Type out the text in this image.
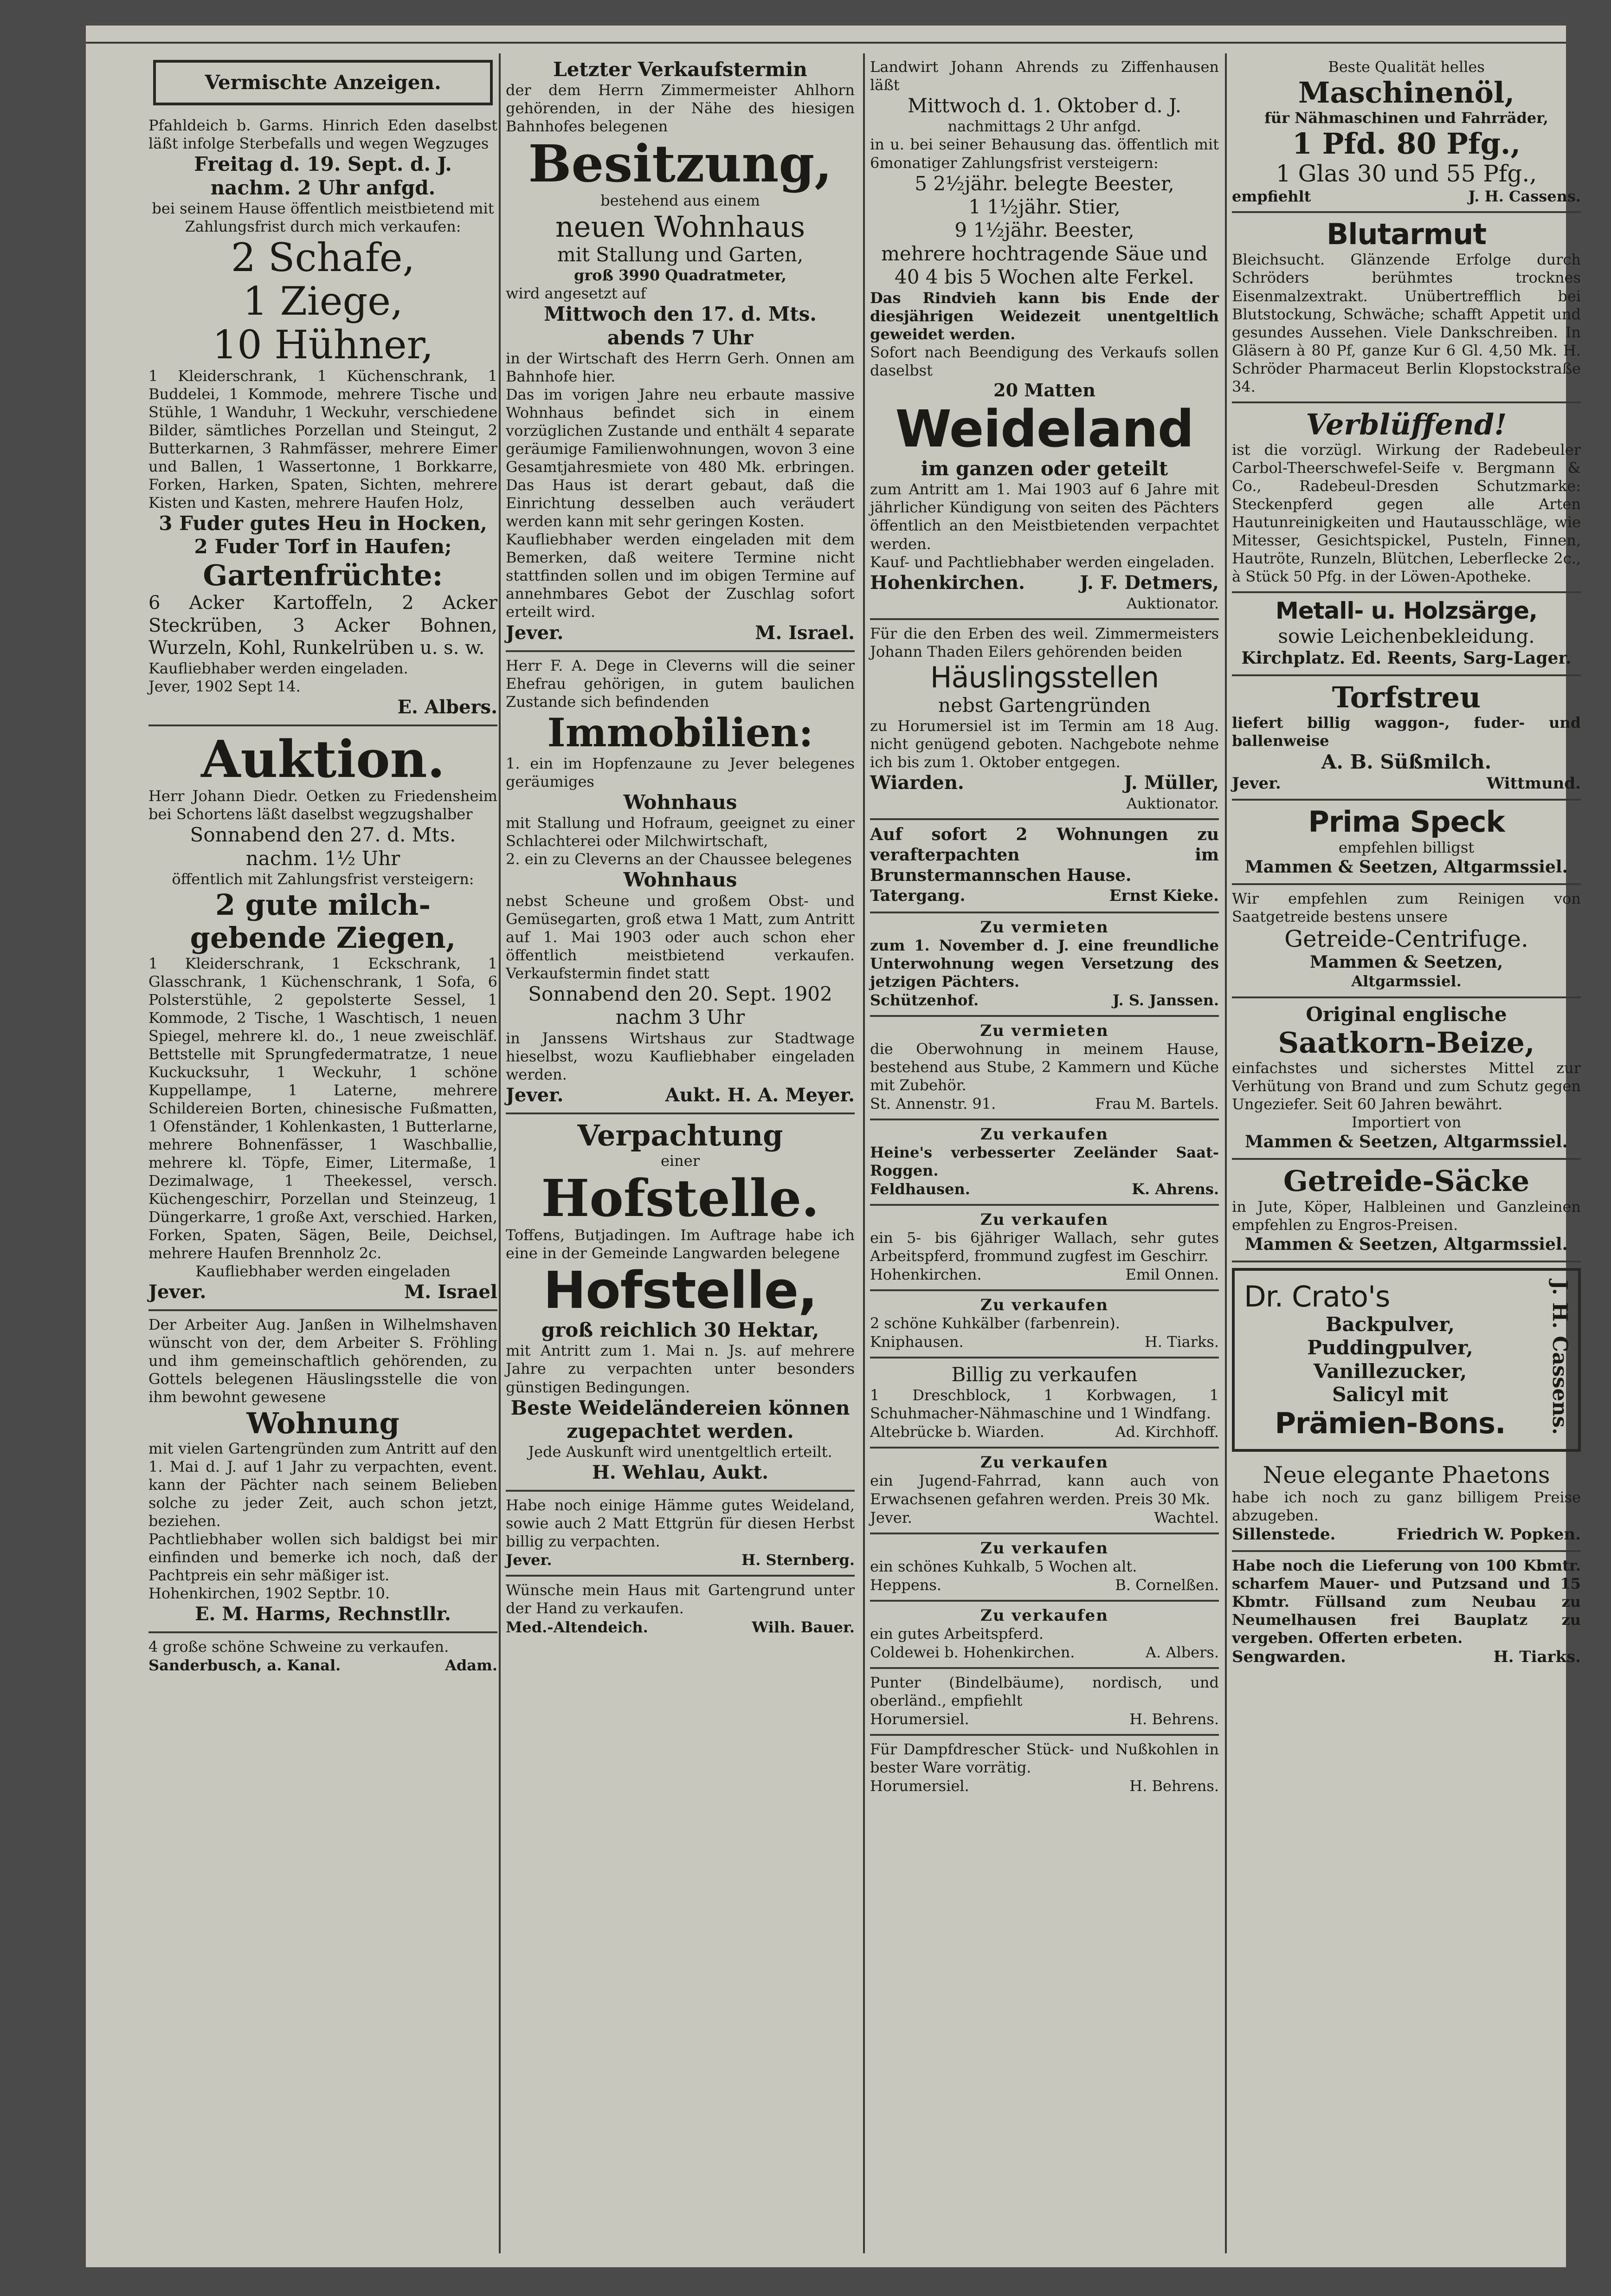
Vermischte Anzeigen.

Pfahldeich b. Garms. Hinrich Eden daselbst läßt infolge Sterbefalls und wegen Wegzuges

Freitag d. 19. Sept. d. J.
nachm. 2 Uhr anfgd.

bei seinem Hause öffentlich meistbietend mit Zahlungsfrist durch mich verkaufen:

2 Schafe,
1 Ziege,
10 Hühner,

1 Kleiderschrank, 1 Küchenschrank, 1 Buddelei, 1 Kommode, mehrere Tische und Stühle, 1 Wanduhr, 1 Weckuhr, verschiedene Bilder, sämtliches Porzellan und Steingut, 2 Butterkarnen, 3 Rahmfässer, mehrere Eimer und Ballen, 1 Wassertonne, 1 Borkkarre, Forken, Harken, Spaten, Sichten, mehrere Kisten und Kasten, mehrere Haufen Holz,

3 Fuder gutes Heu in Hocken,
2 Fuder Torf in Haufen;
Gartenfrüchte:

6 Acker Kartoffeln, 2 Acker Steckrüben, 3 Acker Bohnen, Wurzeln, Kohl, Runkelrüben u. s. w.

Kaufliebhaber werden eingeladen.

Jever, 1902 Sept 14.

E. Albers.
Auktion.

Herr Johann Diedr. Oetken zu Friedensheim bei Schortens läßt daselbst wegzugshalber

Sonnabend den 27. d. Mts.
nachm. 1½ Uhr

öffentlich mit Zahlungsfrist versteigern:

2 gute milch-
gebende Ziegen,

1 Kleiderschrank, 1 Eckschrank, 1 Glasschrank, 1 Küchenschrank, 1 Sofa, 6 Polsterstühle, 2 gepolsterte Sessel, 1 Kommode, 2 Tische, 1 Waschtisch, 1 neuen Spiegel, mehrere kl. do., 1 neue zweischläf. Bettstelle mit Sprungfedermatratze, 1 neue Kuckucksuhr, 1 Weckuhr, 1 schöne Kuppellampe, 1 Laterne, mehrere Schildereien Borten, chinesische Fußmatten, 1 Ofenständer, 1 Kohlenkasten, 1 Butterlarne, mehrere Bohnenfässer, 1 Waschballie, mehrere kl. Töpfe, Eimer, Litermaße, 1 Dezimalwage, 1 Theekessel, versch. Küchengeschirr, Porzellan und Steinzeug, 1 Düngerkarre, 1 große Axt, verschied. Harken, Forken, Spaten, Sägen, Beile, Deichsel, mehrere Haufen Brennholz 2c.

Kaufliebhaber werden eingeladen

Jever.	M. Israel

Der Arbeiter Aug. Janßen in Wilhelmshaven wünscht von der, dem Arbeiter S. Fröhling und ihm gemeinschaftlich gehörenden, zu Gottels belegenen Häuslingsstelle die von ihm bewohnt gewesene

Wohnung

mit vielen Gartengründen zum Antritt auf den 1. Mai d. J. auf 1 Jahr zu verpachten, event. kann der Pächter nach seinem Belieben solche zu jeder Zeit, auch schon jetzt, beziehen.

Pachtliebhaber wollen sich baldigst bei mir einfinden und bemerke ich noch, daß der Pachtpreis ein sehr mäßiger ist.

Hohenkirchen, 1902 Septbr. 10.

E. M. Harms, Rechnstllr.

4 große schöne Schweine zu verkaufen.

Sanderbusch, a. Kanal.	Adam.
Letzter Verkaufstermin

der dem Herrn Zimmermeister Ahlhorn gehörenden, in der Nähe des hiesigen Bahnhofes belegenen

Besitzung,

bestehend aus einem

neuen Wohnhaus
mit Stallung und Garten,

groß 3990 Quadratmeter,

wird angesetzt auf

Mittwoch den 17. d. Mts.
abends 7 Uhr

in der Wirtschaft des Herrn Gerh. Onnen am Bahnhofe hier.

Das im vorigen Jahre neu erbaute massive Wohnhaus befindet sich in einem vorzüglichen Zustande und enthält 4 separate geräumige Familienwohnungen, wovon 3 eine Gesamtjahresmiete von 480 Mk. erbringen. Das Haus ist derart gebaut, daß die Einrichtung desselben auch veräudert werden kann mit sehr geringen Kosten.

Kaufliebhaber werden eingeladen mit dem Bemerken, daß weitere Termine nicht stattfinden sollen und im obigen Termine auf annehmbares Gebot der Zuschlag sofort erteilt wird.

Jever.	M. Israel.

Herr F. A. Dege in Cleverns will die seiner Ehefrau gehörigen, in gutem baulichen Zustande sich befindenden

Immobilien:

1. ein im Hopfenzaune zu Jever belegenes geräumiges

Wohnhaus

mit Stallung und Hofraum, geeignet zu einer Schlachterei oder Milchwirtschaft,

2. ein zu Cleverns an der Chaussee belegenes

Wohnhaus

nebst Scheune und großem Obst- und Gemüsegarten, groß etwa 1 Matt, zum Antritt auf 1. Mai 1903 oder auch schon eher öffentlich meistbietend verkaufen. Verkaufstermin findet statt

Sonnabend den 20. Sept. 1902
nachm 3 Uhr

in Janssens Wirtshaus zur Stadtwage hieselbst, wozu Kaufliebhaber eingeladen werden.

Jever.	Aukt. H. A. Meyer.
Verpachtung

einer

Hofstelle.

Toffens, Butjadingen. Im Auftrage habe ich eine in der Gemeinde Langwarden belegene

Hofstelle,
groß reichlich 30 Hektar,

mit Antritt zum 1. Mai n. Js. auf mehrere Jahre zu verpachten unter besonders günstigen Bedingungen.

Beste Weideländereien können zugepachtet werden.

Jede Auskunft wird unentgeltlich erteilt.

H. Wehlau, Aukt.

Habe noch einige Hämme gutes Weideland, sowie auch 2 Matt Ettgrün für diesen Herbst billig zu verpachten.

Jever.	H. Sternberg.

Wünsche mein Haus mit Gartengrund unter der Hand zu verkaufen.

Med.-Altendeich.	Wilh. Bauer.

Landwirt Johann Ahrends zu Ziffenhausen läßt

Mittwoch d. 1. Oktober d. J.

nachmittags 2 Uhr anfgd.

in u. bei seiner Behausung das. öffentlich mit 6monatiger Zahlungsfrist versteigern:

5 2½jähr. belegte Beester,
1 1½jähr. Stier,
9 1½jähr. Beester,
mehrere hochtragende Säue und 40 4 bis 5 Wochen alte Ferkel.

Das Rindvieh kann bis Ende der diesjährigen Weidezeit unentgeltlich geweidet werden.

Sofort nach Beendigung des Verkaufs sollen daselbst

20 Matten

Weideland
im ganzen oder geteilt

zum Antritt am 1. Mai 1903 auf 6 Jahre mit jährlicher Kündigung von seiten des Pächters öffentlich an den Meistbietenden verpachtet werden.

Kauf- und Pachtliebhaber werden eingeladen.

Hohenkirchen.	J. F. Detmers,

Auktionator.

Für die den Erben des weil. Zimmermeisters Johann Thaden Eilers gehörenden beiden

Häuslingsstellen
nebst Gartengründen

zu Horumersiel ist im Termin am 18 Aug. nicht genügend geboten. Nachgebote nehme ich bis zum 1. Oktober entgegen.

Wiarden.	J. Müller,

Auktionator.

Auf sofort 2 Wohnungen zu verafterpachten im Brunstermannschen Hause.

Tatergang.	Ernst Kieke.
Zu vermieten

zum 1. November d. J. eine freundliche Unterwohnung wegen Versetzung des jetzigen Pächters.

Schützenhof.	J. S. Janssen.
Zu vermieten

die Oberwohnung in meinem Hause, bestehend aus Stube, 2 Kammern und Küche mit Zubehör.

St. Annenstr. 91.	Frau M. Bartels.
Zu verkaufen

Heine's verbesserter Zeeländer Saat-Roggen.

Feldhausen.	K. Ahrens.
Zu verkaufen

ein 5- bis 6jähriger Wallach, sehr gutes Arbeitspferd, frommund zugfest im Geschirr.

Hohenkirchen.	Emil Onnen.
Zu verkaufen

2 schöne Kuhkälber (farbenrein).

Kniphausen.	H. Tiarks.
Billig zu verkaufen

1 Dreschblock, 1 Korbwagen, 1 Schuhmacher-Nähmaschine und 1 Windfang.

Altebrücke b. Wiarden.	Ad. Kirchhoff.
Zu verkaufen

ein Jugend-Fahrrad, kann auch von Erwachsenen gefahren werden. Preis 30 Mk.

Jever.	Wachtel.
Zu verkaufen

ein schönes Kuhkalb, 5 Wochen alt.

Heppens.	B. Cornelßen.
Zu verkaufen

ein gutes Arbeitspferd.

Coldewei b. Hohenkirchen.	A. Albers.

Punter (Bindelbäume), nordisch, und oberländ., empfiehlt

Horumersiel.	H. Behrens.

Für Dampfdrescher Stück- und Nußkohlen in bester Ware vorrätig.

Horumersiel.	H. Behrens.

Beste Qualität helles

Maschinenöl,

für Nähmaschinen und Fahrräder,

1 Pfd. 80 Pfg.,
1 Glas 30 und 55 Pfg.,
empfiehlt	J. H. Cassens.
Blutarmut

Bleichsucht. Glänzende Erfolge durch Schröders berühmtes trocknes Eisenmalzextrakt. Unübertrefflich bei Blutstockung, Schwäche; schafft Appetit und gesundes Aussehen. Viele Dankschreiben. In Gläsern à 80 Pf, ganze Kur 6 Gl. 4,50 Mk. H. Schröder Pharmaceut Berlin Klopstockstraße 34.

Verblüffend!

ist die vorzügl. Wirkung der Radebeuler Carbol-Theerschwefel-Seife v. Bergmann & Co., Radebeul-Dresden Schutzmarke: Steckenpferd gegen alle Arten Hautunreinigkeiten und Hautausschläge, wie Mitesser, Gesichtspickel, Pusteln, Finnen, Hautröte, Runzeln, Blütchen, Leberflecke 2c., à Stück 50 Pfg. in der Löwen-Apotheke.

Metall- u. Holzsärge,
sowie Leichenbekleidung.
Kirchplatz. Ed. Reents, Sarg-Lager.
Torfstreu

liefert billig waggon-, fuder- und ballenweise

A. B. Süßmilch.
Jever.	Wittmund.
Prima Speck

empfehlen billigst

Mammen & Seetzen, Altgarmssiel.

Wir empfehlen zum Reinigen von Saatgetreide bestens unsere

Getreide-Centrifuge.
Mammen & Seetzen,

Altgarmssiel.

Original englische
Saatkorn-Beize,

einfachstes und sicherstes Mittel zur Verhütung von Brand und zum Schutz gegen Ungeziefer. Seit 60 Jahren bewährt.

Importiert von

Mammen & Seetzen, Altgarmssiel.
Getreide-Säcke

in Jute, Köper, Halbleinen und Ganzleinen empfehlen zu Engros-Preisen.

Mammen & Seetzen, Altgarmssiel.
Dr. Crato's
Backpulver,
Puddingpulver,
Vanillezucker,
Salicyl mit
Prämien-Bons.	J. H. Cassens.
Neue elegante Phaetons

habe ich noch zu ganz billigem Preise abzugeben.

Sillenstede.	Friedrich W. Popken.

Habe noch die Lieferung von 100 Kbmtr. scharfem Mauer- und Putzsand und 15 Kbmtr. Füllsand zum Neubau zu Neumelhausen frei Bauplatz zu vergeben. Offerten erbeten.

Sengwarden.	H. Tiarks.
